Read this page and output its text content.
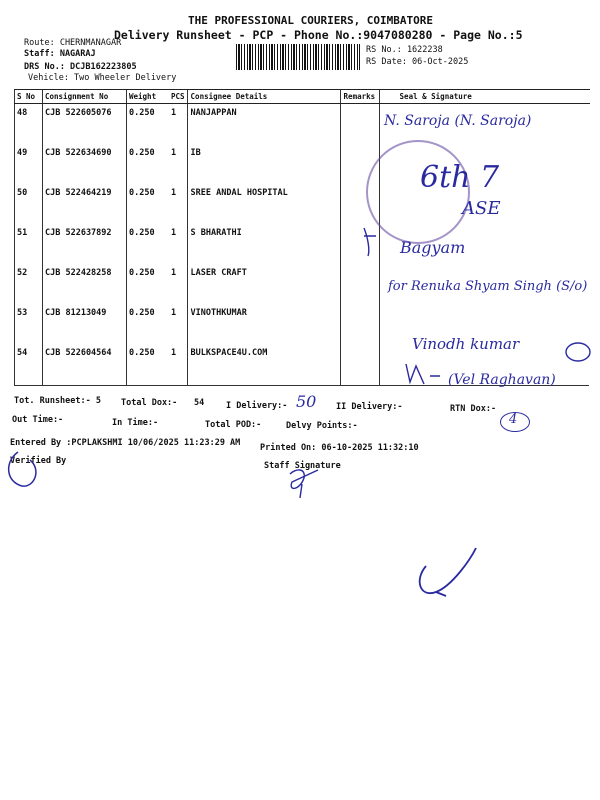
THE PROFESSIONAL COURIERS, COIMBATORE
Delivery Runsheet - PCP - Phone No.:9047080280 - Page No.:5
Route: CHERNMANAGAR
Staff: NAGARAJ
DRS No.: DCJB162223805
Vehicle: Two Wheeler Delivery
RS No.: 1622238
RS Date: 06-Oct-2025
S No	Consignment No	Weight	PCS	Consignee Details	Remarks	Seal & Signature
48	CJB 522605076	0.250	1	NANJAPPAN		
49	CJB 522634690	0.250	1	IB		
50	CJB 522464219	0.250	1	SREE ANDAL HOSPITAL		
51	CJB 522637892	0.250	1	S BHARATHI		
52	CJB 522428258	0.250	1	LASER CRAFT		
53	CJB 81213049	0.250	1	VINOTHKUMAR		
54	CJB 522604564	0.250	1	BULKSPACE4U.COM		
N. Saroja (N. Saroja)
6th 7
ASE
Bagyam
for Renuka Shyam Singh (S/o)
Vinodh kumar
(Vel Raghavan)
Tot. Runsheet:- 5 Total Dox:- 54	I Delivery:- 50 II Delivery:-	RTN Dox:-
4
Out Time:-	In Time:-	Total POD:-	Delvy Points:-
Entered By :PCPLAKSHMI 10/06/2025 11:23:29 AM Printed On: 06-10-2025 11:32:10
Verified By	Staff Signature
